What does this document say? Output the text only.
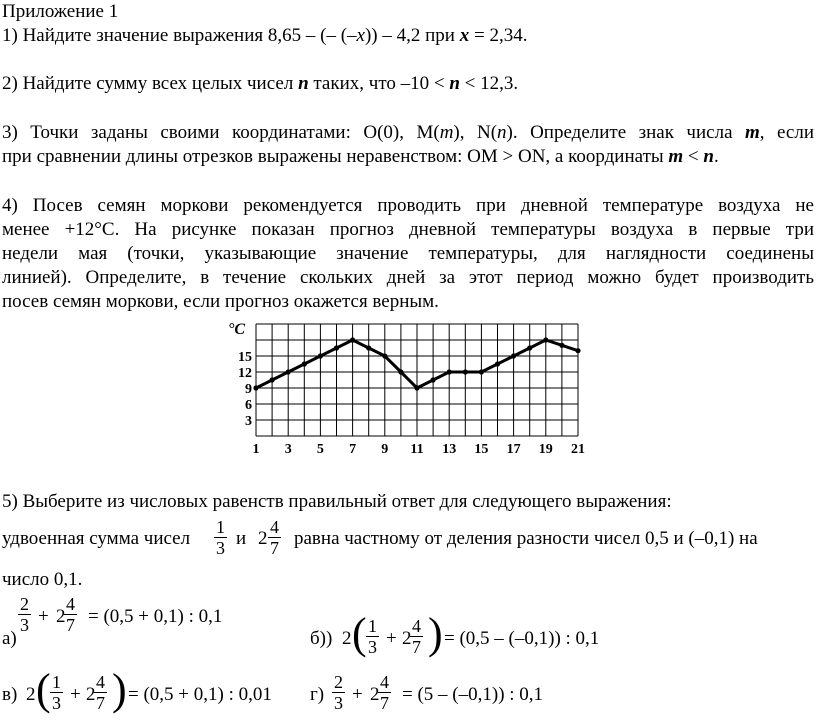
Приложение 1
1) Найдите значение выражения 8,65 – (– (–x)) – 4,2 при x = 2,34.
2) Найдите сумму всех целых чисел n таких, что –10 < n < 12,3.
3) Точки заданы своими координатами: O(0), M(m), N(n). Определите знак числа m, если
при сравнении длины отрезков выражены неравенством: OM > ON, а координаты m < n.
4) Посев семян моркови рекомендуется проводить при дневной температуре воздуха не
менее +12°С. На рисунке показан прогноз дневной температуры воздуха в первые три
недели мая (точки, указывающие значение температуры, для наглядности соединены
линией). Определите, в течение скольких дней за этот период можно будет производить
посев семян моркови, если прогноз окажется верным.
3
6
9
12
15
°C
1 3 5 7 9 11 13 15 17 19 21
5) Выберите из числовых равенств правильный ответ для следующего выражения:
удвоенная сумма чисел $\frac{1}{3}$ и $2 \frac{4}{7}$ равна частному от деления разности чисел 0,5 и (–0,1) на
число 0,1.
а)
$\frac{2}{3} + 2$
$\frac{4}{7} = (0,5 + 0,1)$ : 0,1
б)) 2 ( $\frac{1}{3} + 2$
$\frac{4}{7}$ ) = (0,5 – (–0,1)) : 0,1
в) 2 ( $\frac{1}{3} + 2$
$\frac{4}{7}$ ) = (0,5 + 0,1) : 0,01 $г) \frac{2}{3} + 2$
$\frac{4}{7} = (5 - (-0,1))$ : 0,1
